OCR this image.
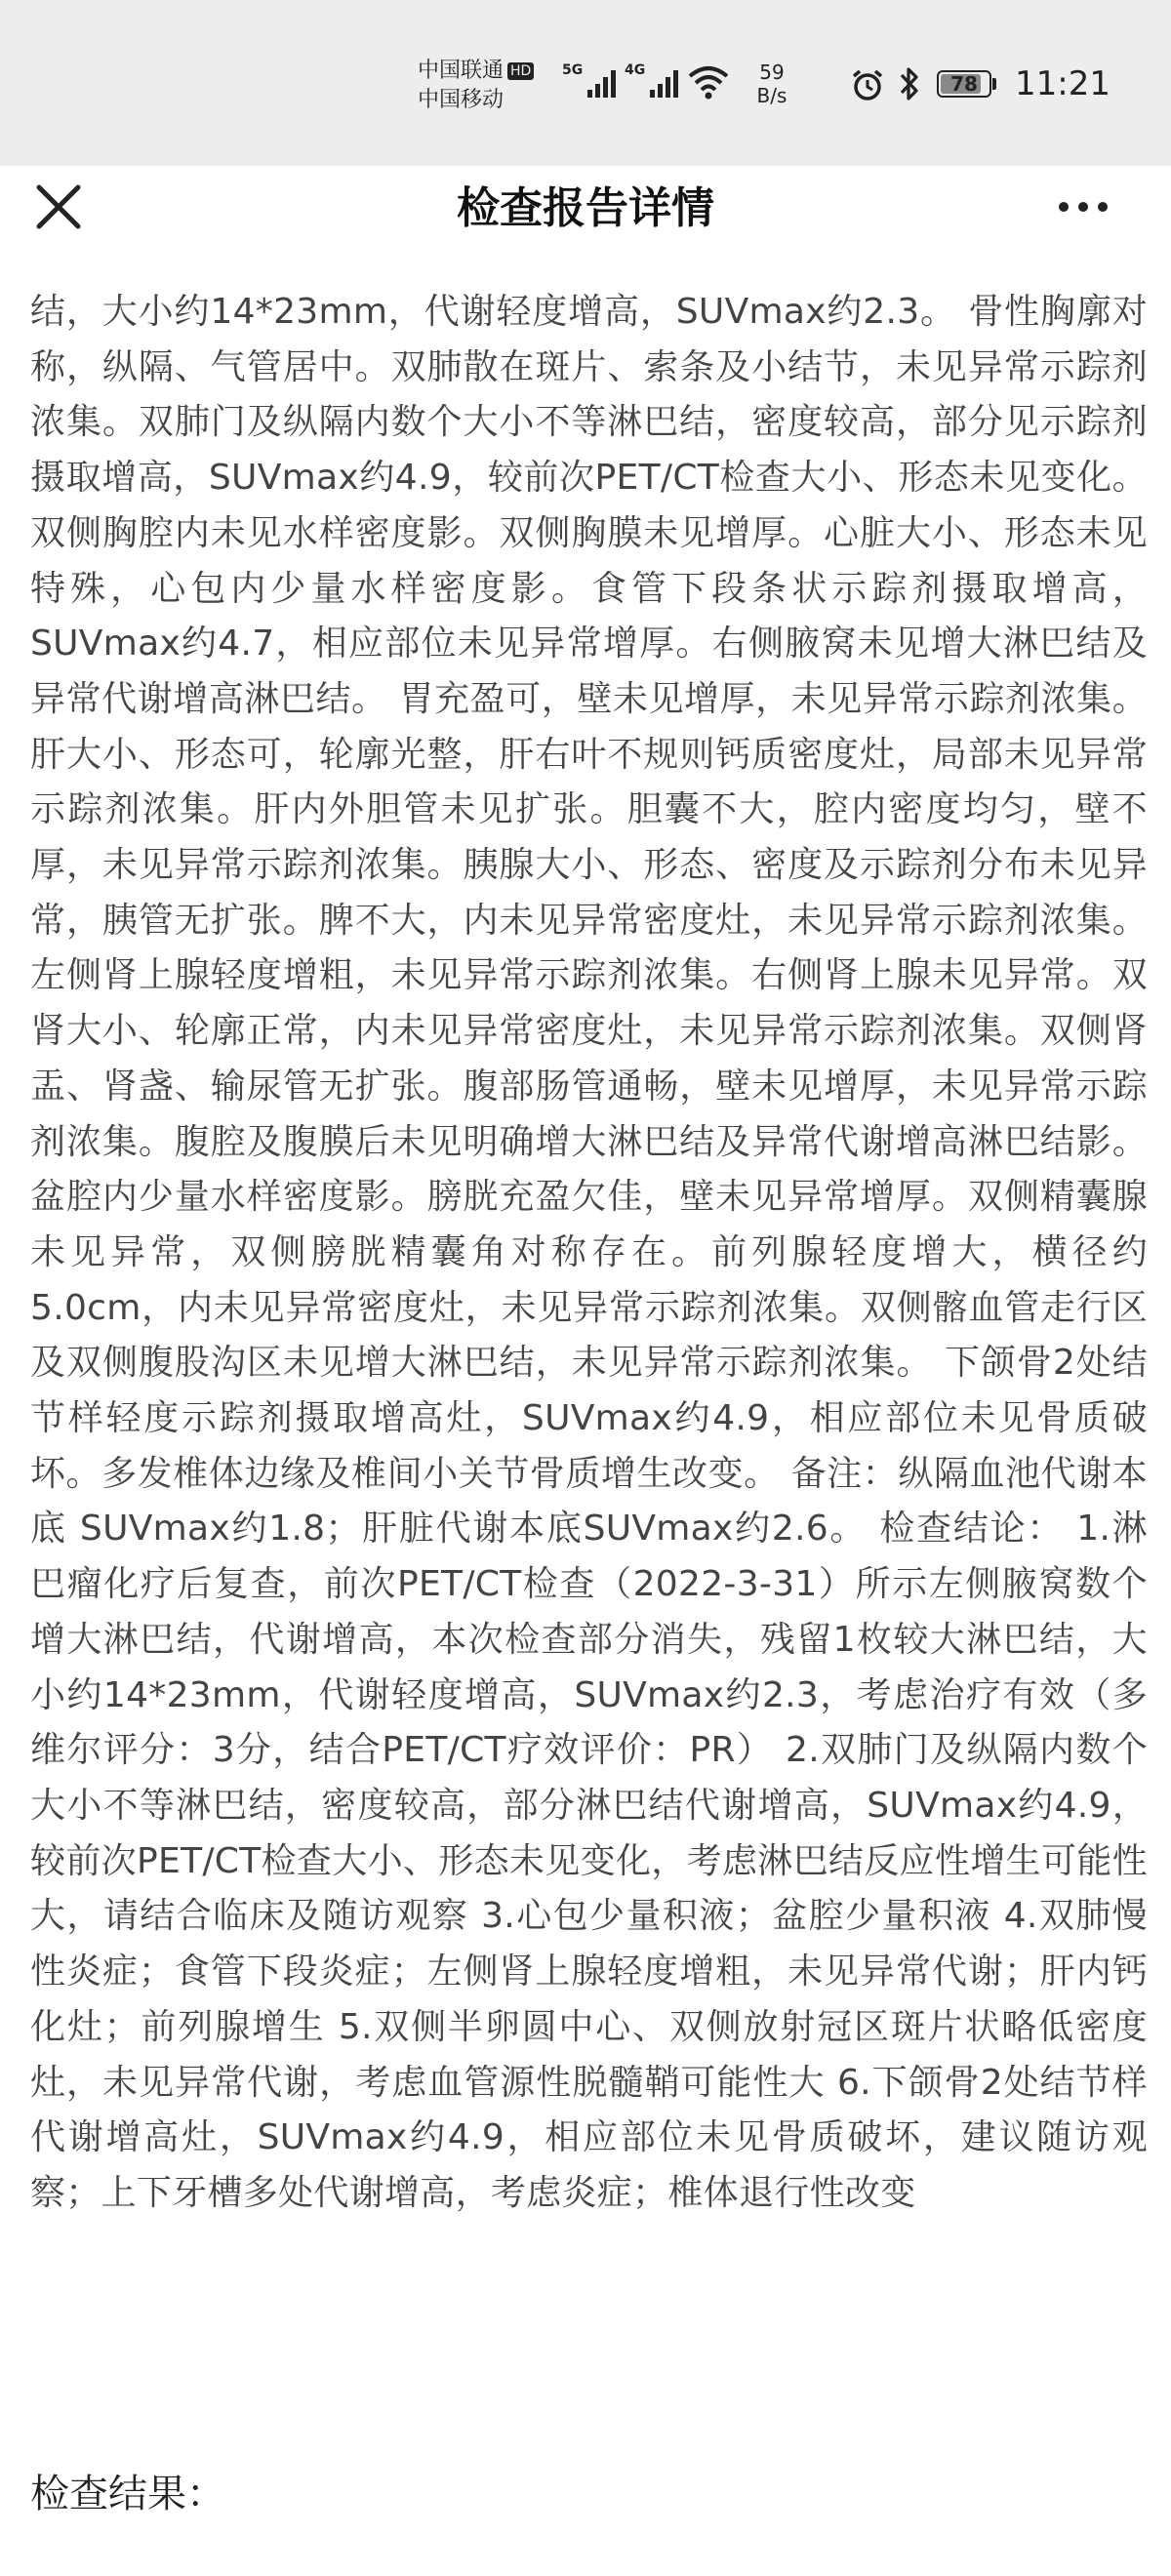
中国联通 HD
中国移动
5G	4G	59
B/s	78	11:21
检查报告详情
结，大小约14*23mm，代谢轻度增高，SUVmax约2.3。 骨性胸廓对称，纵隔、气管居中。双肺散在斑片、索条及小结节，未见异常示踪剂浓集。双肺门及纵隔内数个大小不等淋巴结，密度较高，部分见示踪剂摄取增高，SUVmax约4.9，较前次PET/CT检查大小、形态未见变化。双侧胸腔内未见水样密度影。双侧胸膜未见增厚。心脏大小、形态未见特殊，心包内少量水样密度影。食管下段条状示踪剂摄取增高，SUVmax约4.7，相应部位未见异常增厚。右侧腋窝未见增大淋巴结及异常代谢增高淋巴结。 胃充盈可，壁未见增厚，未见异常示踪剂浓集。肝大小、形态可，轮廓光整，肝右叶不规则钙质密度灶，局部未见异常示踪剂浓集。肝内外胆管未见扩张。胆囊不大，腔内密度均匀，壁不厚，未见异常示踪剂浓集。胰腺大小、形态、密度及示踪剂分布未见异常，胰管无扩张。脾不大，内未见异常密度灶，未见异常示踪剂浓集。左侧肾上腺轻度增粗，未见异常示踪剂浓集。右侧肾上腺未见异常。双肾大小、轮廓正常，内未见异常密度灶，未见异常示踪剂浓集。双侧肾盂、肾盏、输尿管无扩张。腹部肠管通畅，壁未见增厚，未见异常示踪剂浓集。腹腔及腹膜后未见明确增大淋巴结及异常代谢增高淋巴结影。 盆腔内少量水样密度影。膀胱充盈欠佳，壁未见异常增厚。双侧精囊腺未见异常，双侧膀胱精囊角对称存在。前列腺轻度增大，横径约5.0cm，内未见异常密度灶，未见异常示踪剂浓集。双侧髂血管走行区及双侧腹股沟区未见增大淋巴结，未见异常示踪剂浓集。 下颌骨2处结节样轻度示踪剂摄取增高灶，SUVmax约4.9，相应部位未见骨质破坏。多发椎体边缘及椎间小关节骨质增生改变。 备注：纵隔血池代谢本底 SUVmax约1.8；肝脏代谢本底SUVmax约2.6。 检查结论： 1.淋巴瘤化疗后复查，前次PET/CT检查（2022-3-31）所示左侧腋窝数个增大淋巴结，代谢增高，本次检查部分消失，残留1枚较大淋巴结，大小约14*23mm，代谢轻度增高，SUVmax约2.3，考虑治疗有效（多维尔评分：3分，结合PET/CT疗效评价：PR） 2.双肺门及纵隔内数个大小不等淋巴结，密度较高，部分淋巴结代谢增高，SUVmax约4.9，较前次PET/CT检查大小、形态未见变化，考虑淋巴结反应性增生可能性大，请结合临床及随访观察 3.心包少量积液；盆腔少量积液 4.双肺慢性炎症；食管下段炎症；左侧肾上腺轻度增粗，未见异常代谢；肝内钙化灶；前列腺增生 5.双侧半卵圆中心、双侧放射冠区斑片状略低密度灶，未见异常代谢，考虑血管源性脱髓鞘可能性大 6.下颌骨2处结节样代谢增高灶，SUVmax约4.9，相应部位未见骨质破坏，建议随访观察；上下牙槽多处代谢增高，考虑炎症；椎体退行性改变
检查结果：
